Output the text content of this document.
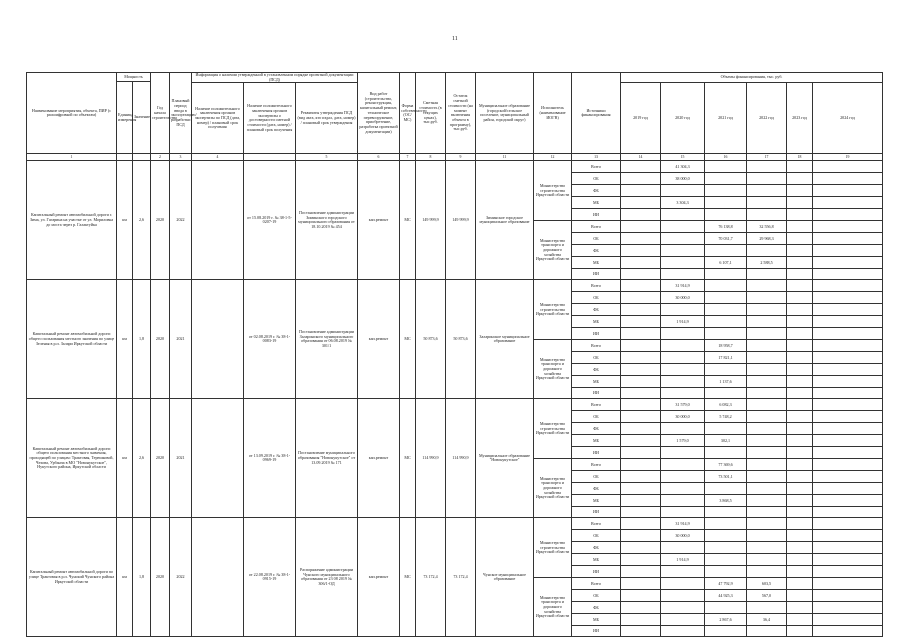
11
Наименование мероприятия, объекта, ПИР (с расшифровкой по объектам)	Мощность		Год начала строительства	Плановый период ввода в эксплуатацию/ разработки ПСД	Информация о наличии утвержденной в установленном порядке проектной документации (ПСД)			Вид работ (строительство, реконструкция, капитальный ремонт, техническое перевооружение, приобретение, разработка проектной документации)	Форма собственности (ОС/МС)	Сметная стоимость (в текущих ценах), тыс.руб.	Остаток сметной стоимости (на момент включения объекта в программу), тыс.руб.	Муниципальное образование (городской/сельское поселение, муниципальный район, городской округ)	Исполнитель (наименование ИОГВ)	Источники финансирования	Объемы финансирования, тыс. руб.					
	Единица измерения	Значение																		
					Наличие положительного заключения органов экспертизы по ПСД (дата, номер) / плановый срок получения	Наличие положительного заключения органов экспертизы о достоверности сметной стоимости (дата, номер) / плановый срок получения	Реквизиты утверждения ПСД (вид акта, кто издал, дата, номер) / плановый срок утверждения								2019 год	2020 год	2021 год	2022 год	2023 год	2024 год
1			2	3	4		5	6	7	8	9	11	12	13	14	15	16	17	18	19
Капитальный ремонт автомобильной дороги г. Зима, ул. Гагарина на участке от ул. Мориловка до моста через р. Галактуйка	км	2,6	2020	2022		от 15.08.2019 г. № 38-1-5-0207-19	Постановление администрации Зиминского городского муниципального образования от 18.10.2019 № 454	кап.ремонт	МС	149 999,9	149 999,9	Зиминское городское муниципальное образование	Министерство строительства Иркутской области	Всего		41 304,3				
														ОБ		38 000,0				
														ФБ						
														МБ		3 304,3				
														ИИ						
													Министерство транспорта и дорожного хозяйства Иркутской области	Всего			76 138,8	32 556,8		
														ОБ			70 031,7	29 968,3		
														ФБ						
														МБ			6 107,1	2 588,5		
														ИИ						
Капитальный ремонт автомобильной дороги общего пользования местного значения по улице Зеленая в р.п. Залари Иркутской области	км	1,8	2020	2021		от 02.08.2019 г. № 38-1-0083-19	Постановление администрации Заларинского муниципального образования от 06.08.2019 № 301/1	кап.ремонт	МС	50 873,6	50 873,6	Заларинское муниципальное образование	Министерство строительства Иркутской области	Всего		31 914,9				
														ОБ		30 000,0				
														ФБ						
														МБ		1 914,9				
														ИИ						
													Министерство транспорта и дорожного хозяйства Иркутской области	Всего			18 958,7			
														ОБ			17 821,1			
														ФБ						
														МБ			1 137,6			
														ИИ						
Капитальный ремонт автомобильной дороги общего пользования местного значения, проходящей по улицам: Трактовая, Терешковой, Чехова, Урбанча в МО "Новонукутское", Нукутского района, Иркутской области	км	2,6	2020	2021		от 13.09.2019 г. № 38-1-0969-19	Постановление муниципального образования "Новонукутское" от 13.09.2019 № 171	кап.ремонт	МС	114 990,9	114 990,9	Муниципальное образование "Новонукутское"	Министерство строительства Иркутской области	Всего		31 579,0	6 082,3			
														ОБ		30 000,0	5 748,2			
														ФБ						
														МБ		1 579,0	302,1			
														ИИ						
													Министерство транспорта и дорожного хозяйства Иркутской области	Всего			77 369,6			
														ОБ			73 501,1			
														ФБ						
														МБ			3 868,5			
														ИИ						
Капитальный ремонт автомобильной дороги по улице Трактовая в р.п. Чунский Чунского района Иркутской области	км	1,8	2020	2022		от 22.08.2019 г. № 38-1-0915-19	Распоряжение администрации Чунского муниципального образования от 23 08 2019 № 306/1-ОД	кап.ремонт	МС	73 172,4	73 172,4	Чунское муниципальное образование	Министерство строительства Иркутской области	Всего		31 914,9				
														ОБ		30 000,0				
														ФБ						
														МБ		1 914,9				
														ИИ						
													Министерство транспорта и дорожного хозяйства Иркутской области	Всего			47 792,9	603,5		
														ОБ			44 925,3	567,0		
														ФБ						
														МБ			2 867,6	36,4		
														ИИ						
